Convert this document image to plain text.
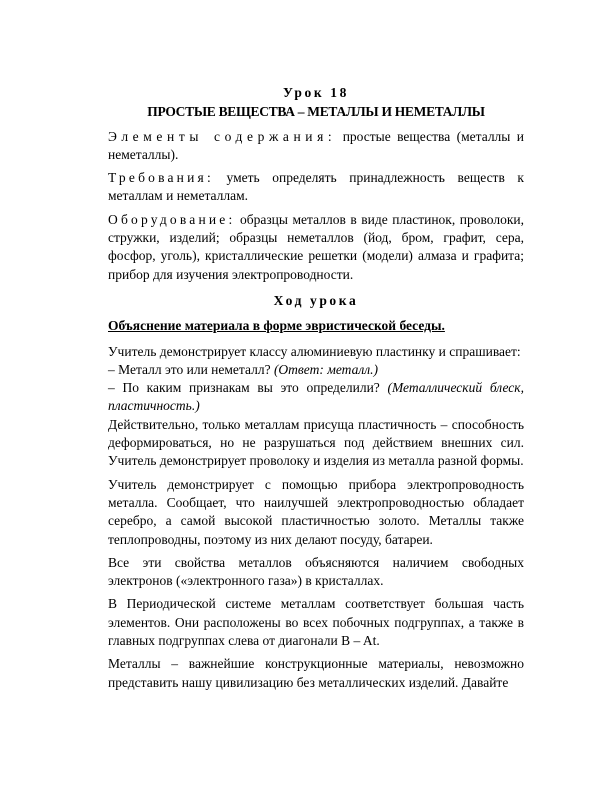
Урок 18
ПРОСТЫЕ ВЕЩЕСТВА – МЕТАЛЛЫ И НЕМЕТАЛЛЫ

Элементы содержания: простые вещества (металлы и неметаллы).

Требования: уметь определять принадлежность веществ к металлам и неметаллам.

Оборудование: образцы металлов в виде пластинок, проволоки, стружки, изделий; образцы неметаллов (йод, бром, графит, сера, фосфор, уголь), кристаллические решетки (модели) алмаза и графита; прибор для изучения электропроводности.

Ход урока

Объяснение материала в форме эвристической беседы.

Учитель демонстрирует классу алюминиевую пластинку и спрашивает:

– Металл это или неметалл? (Ответ: металл.)

– По каким признакам вы это определили? (Металлический блеск, пластичность.)

Действительно, только металлам присуща пластичность – способность деформироваться, но не разрушаться под действием внешних сил. Учитель демонстрирует проволоку и изделия из металла разной формы.

Учитель демонстрирует с помощью прибора электропроводность металла. Сообщает, что наилучшей электропроводностью обладает серебро, а самой высокой пластичностью золото. Металлы также теплопроводны, поэтому из них делают посуду, батареи.

Все эти свойства металлов объясняются наличием свободных электронов («электронного газа») в кристаллах.

В Периодической системе металлам соответствует большая часть элементов. Они расположены во всех побочных подгруппах, а также в главных подгруппах слева от диагонали B – At.

Металлы – важнейшие конструкционные материалы, невозможно представить нашу цивилизацию без металлических изделий. Давайте
